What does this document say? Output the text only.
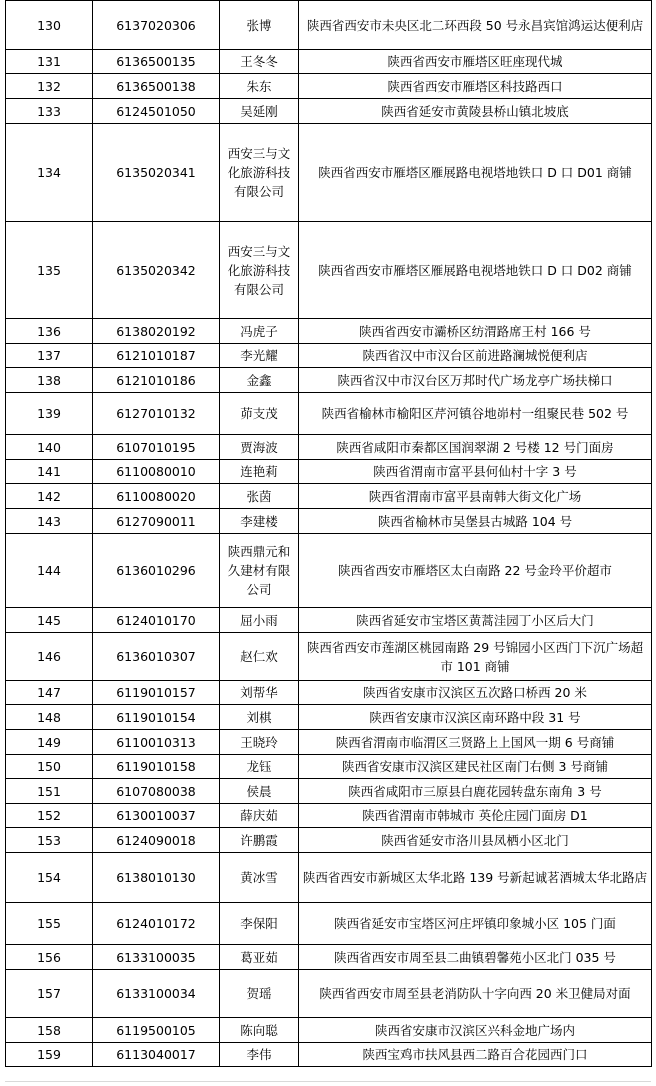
130	6137020306	张博	陕西省西安市未央区北二环西段 50 号永昌宾馆鸿运达便利店
131	6136500135	王冬冬	陕西省西安市雁塔区旺座现代城
132	6136500138	朱东	陕西省西安市雁塔区科技路西口
133	6124501050	吴延刚	陕西省延安市黄陵县桥山镇北坡底
134	6135020341	西安三与文化旅游科技有限公司	陕西省西安市雁塔区雁展路电视塔地铁口 D 口 D01 商铺
135	6135020342	西安三与文化旅游科技有限公司	陕西省西安市雁塔区雁展路电视塔地铁口 D 口 D02 商铺
136	6138020192	冯虎子	陕西省西安市灞桥区纺渭路席王村 166 号
137	6121010187	李光耀	陕西省汉中市汉台区前进路澜城悦便利店
138	6121010186	金鑫	陕西省汉中市汉台区万邦时代广场龙亭广场扶梯口
139	6127010132	茆支茂	陕西省榆林市榆阳区芹河镇谷地峁村一组聚民巷 502 号
140	6107010195	贾海波	陕西省咸阳市秦都区国润翠湖 2 号楼 12 号门面房
141	6110080010	连艳莉	陕西省渭南市富平县何仙村十字 3 号
142	6110080020	张茵	陕西省渭南市富平县南韩大街文化广场
143	6127090011	李建楼	陕西省榆林市吴堡县古城路 104 号
144	6136010296	陕西鼎元和久建材有限公司	陕西省西安市雁塔区太白南路 22 号金玲平价超市
145	6124010170	屈小雨	陕西省延安市宝塔区黄蒿洼园丁小区后大门
146	6136010307	赵仁欢	陕西省西安市莲湖区桃园南路 29 号锦园小区西门下沉广场超市 101 商铺
147	6119010157	刘帮华	陕西省安康市汉滨区五次路口桥西 20 米
148	6119010154	刘棋	陕西省安康市汉滨区南环路中段 31 号
149	6110010313	王晓玲	陕西省渭南市临渭区三贤路上上国风一期 6 号商铺
150	6119010158	龙钰	陕西省安康市汉滨区建民社区南门右侧 3 号商铺
151	6107080038	侯晨	陕西省咸阳市三原县白鹿花园转盘东南角 3 号
152	6130010037	薛庆茹	陕西省渭南市韩城市 英伦庄园门面房 D1
153	6124090018	许鹏霞	陕西省延安市洛川县凤栖小区北门
154	6138010130	黄冰雪	陕西省西安市新城区太华北路 139 号新起诚茗酒城太华北路店
155	6124010172	李保阳	陕西省延安市宝塔区河庄坪镇印象城小区 105 门面
156	6133100035	葛亚茹	陕西省西安市周至县二曲镇碧馨苑小区北门 035 号
157	6133100034	贺瑶	陕西省西安市周至县老消防队十字向西 20 米卫健局对面
158	6119500105	陈向聪	陕西省安康市汉滨区兴科金地广场内
159	6113040017	李伟	陕西宝鸡市扶风县西二路百合花园西门口
